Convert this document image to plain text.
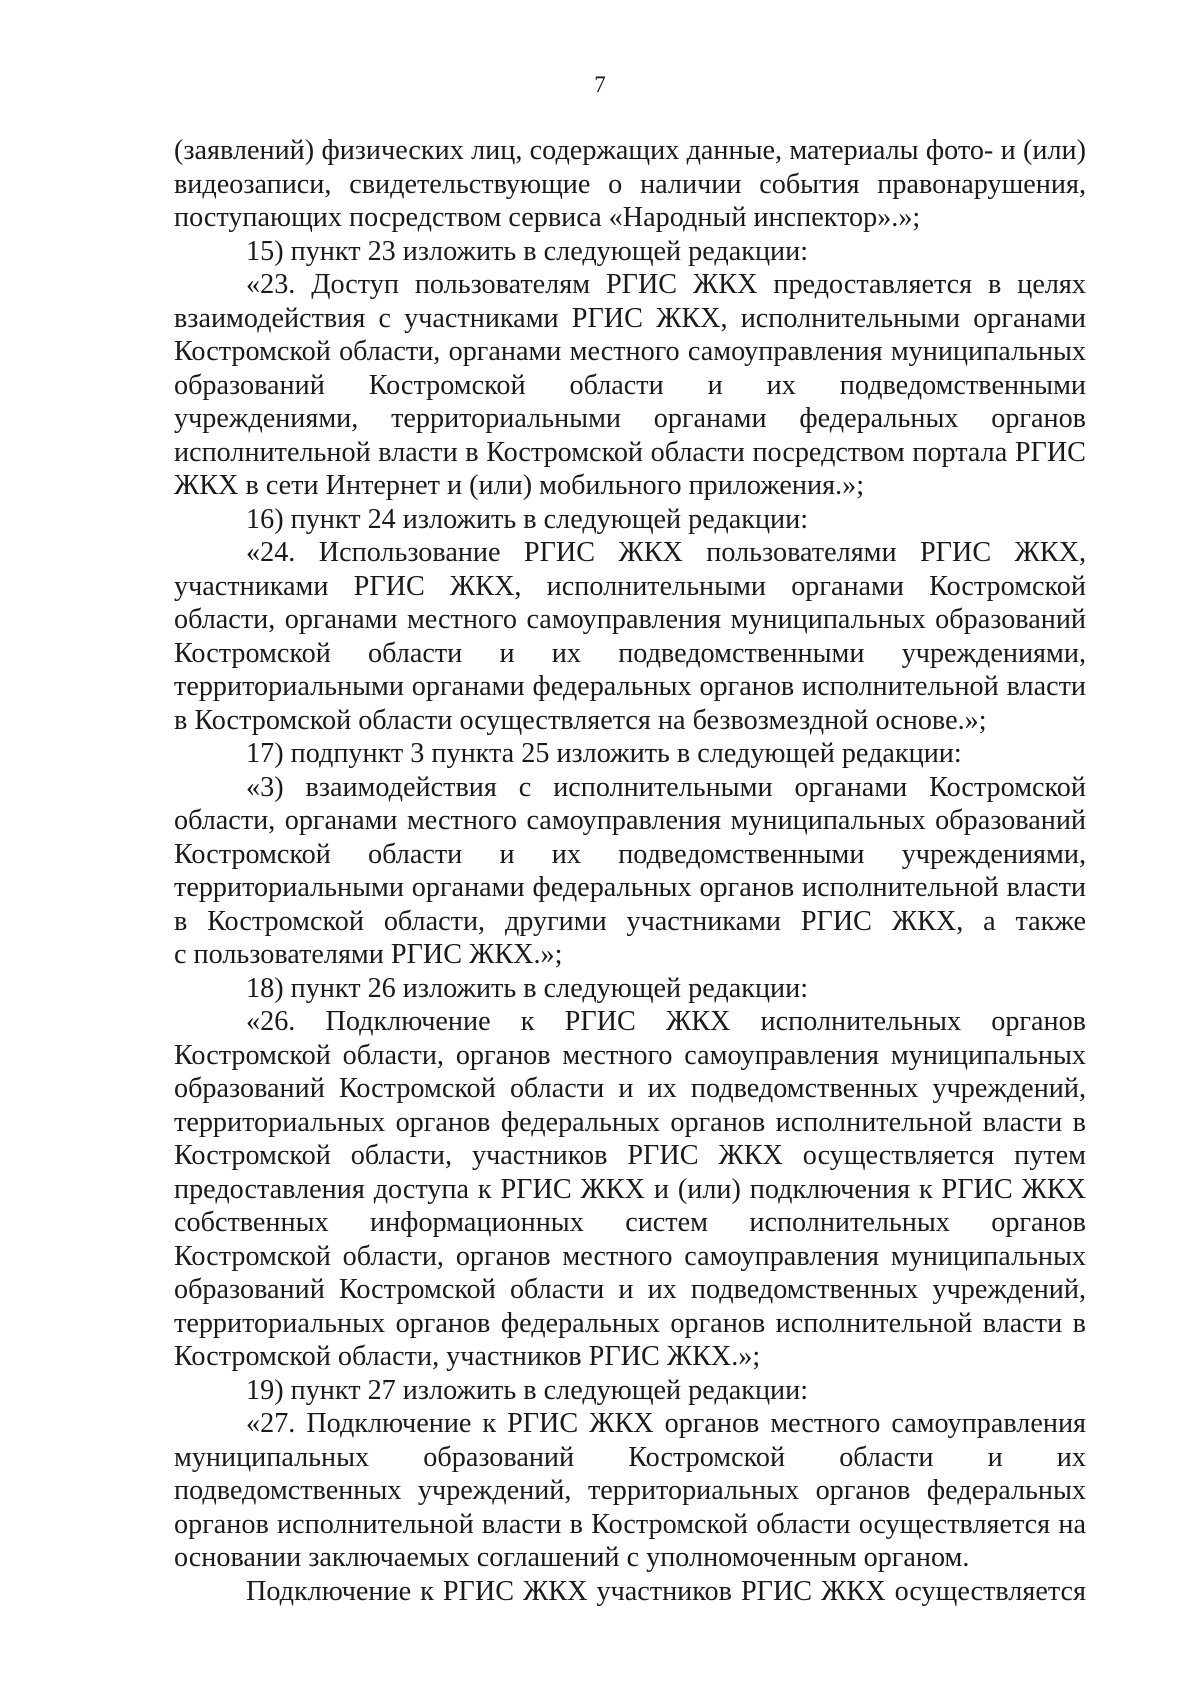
7
(заявлений) физических лиц, содержащих данные, материалы фото- и (или)
видеозаписи, свидетельствующие о наличии события правонарушения,
поступающих посредством сервиса «Народный инспектор».»;
15) пункт 23 изложить в следующей редакции:
«23. Доступ пользователям РГИС ЖКХ предоставляется в целях
взаимодействия с участниками РГИС ЖКХ, исполнительными органами
Костромской области, органами местного самоуправления муниципальных
образований Костромской области и их подведомственными
учреждениями, территориальными органами федеральных органов
исполнительной власти в Костромской области посредством портала РГИС
ЖКХ в сети Интернет и (или) мобильного приложения.»;
16) пункт 24 изложить в следующей редакции:
«24. Использование РГИС ЖКХ пользователями РГИС ЖКХ,
участниками РГИС ЖКХ, исполнительными органами Костромской
области, органами местного самоуправления муниципальных образований
Костромской области и их подведомственными учреждениями,
территориальными органами федеральных органов исполнительной власти
в Костромской области осуществляется на безвозмездной основе.»;
17) подпункт 3 пункта 25 изложить в следующей редакции:
«3) взаимодействия с исполнительными органами Костромской
области, органами местного самоуправления муниципальных образований
Костромской области и их подведомственными учреждениями,
территориальными органами федеральных органов исполнительной власти
в Костромской области, другими участниками РГИС ЖКХ, а также
с пользователями РГИС ЖКХ.»;
18) пункт 26 изложить в следующей редакции:
«26. Подключение к РГИС ЖКХ исполнительных органов
Костромской области, органов местного самоуправления муниципальных
образований Костромской области и их подведомственных учреждений,
территориальных органов федеральных органов исполнительной власти в
Костромской области, участников РГИС ЖКХ осуществляется путем
предоставления доступа к РГИС ЖКХ и (или) подключения к РГИС ЖКХ
собственных информационных систем исполнительных органов
Костромской области, органов местного самоуправления муниципальных
образований Костромской области и их подведомственных учреждений,
территориальных органов федеральных органов исполнительной власти в
Костромской области, участников РГИС ЖКХ.»;
19) пункт 27 изложить в следующей редакции:
«27. Подключение к РГИС ЖКХ органов местного самоуправления
муниципальных образований Костромской области и их
подведомственных учреждений, территориальных органов федеральных
органов исполнительной власти в Костромской области осуществляется на
основании заключаемых соглашений с уполномоченным органом.
Подключение к РГИС ЖКХ участников РГИС ЖКХ осуществляется
